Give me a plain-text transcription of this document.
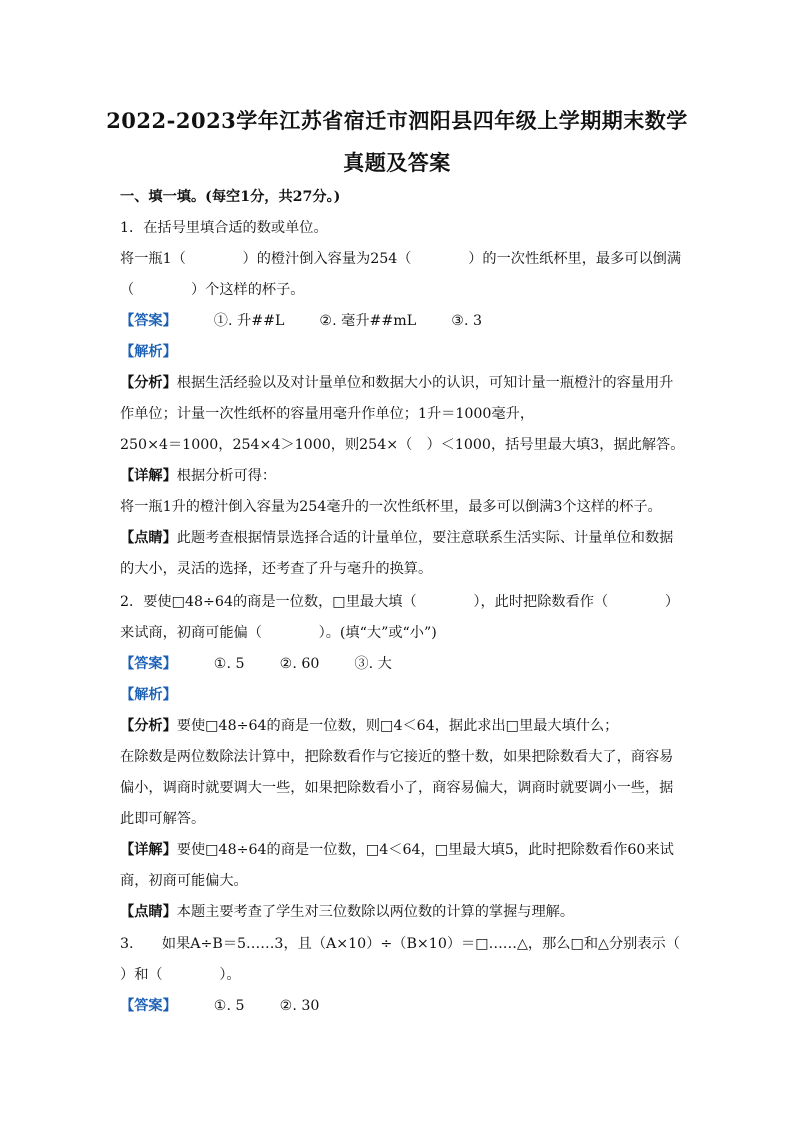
2022-2023学年江苏省宿迁市泗阳县四年级上学期期末数学
真题及答案
一、填一填。(每空1分，共27分。)
1．在括号里填合适的数或单位。
将一瓶1（　　　　）的橙汁倒入容量为254（　　　　）的一次性纸杯里，最多可以倒满
（　　　　）个这样的杯子。
【答案】	①. 升##L ②. 毫升##mL ③. 3
【解析】
【分析】根据生活经验以及对计量单位和数据大小的认识，可知计量一瓶橙汁的容量用升
作单位；计量一次性纸杯的容量用毫升作单位；1升＝1000毫升，
250×4＝1000，254×4＞1000，则254×（　）＜1000，括号里最大填3，据此解答。
【详解】根据分析可得：
将一瓶1升的橙汁倒入容量为254毫升的一次性纸杯里，最多可以倒满3个这样的杯子。
【点睛】此题考查根据情景选择合适的计量单位，要注意联系生活实际、计量单位和数据
的大小，灵活的选择，还考查了升与毫升的换算。
2．要使□48÷64的商是一位数，□里最大填（　　　　），此时把除数看作（　　　　）
来试商，初商可能偏（　　　　）。(填“大”或“小”)
【答案】	①. 5 ②. 60 ③. 大
【解析】
【分析】要使□48÷64的商是一位数，则□4＜64，据此求出□里最大填什么；
在除数是两位数除法计算中，把除数看作与它接近的整十数，如果把除数看大了，商容易
偏小，调商时就要调大一些，如果把除数看小了，商容易偏大，调商时就要调小一些，据
此即可解答。
【详解】要使□48÷64的商是一位数，□4＜64，□里最大填5，此时把除数看作60来试
商，初商可能偏大。
【点睛】本题主要考查了学生对三位数除以两位数的计算的掌握与理解。
3.　　如果A÷B＝5……3，且（A×10）÷（B×10）＝□……△，那么□和△分别表示（
）和（　　　　）。
【答案】	①. 5 ②. 30
